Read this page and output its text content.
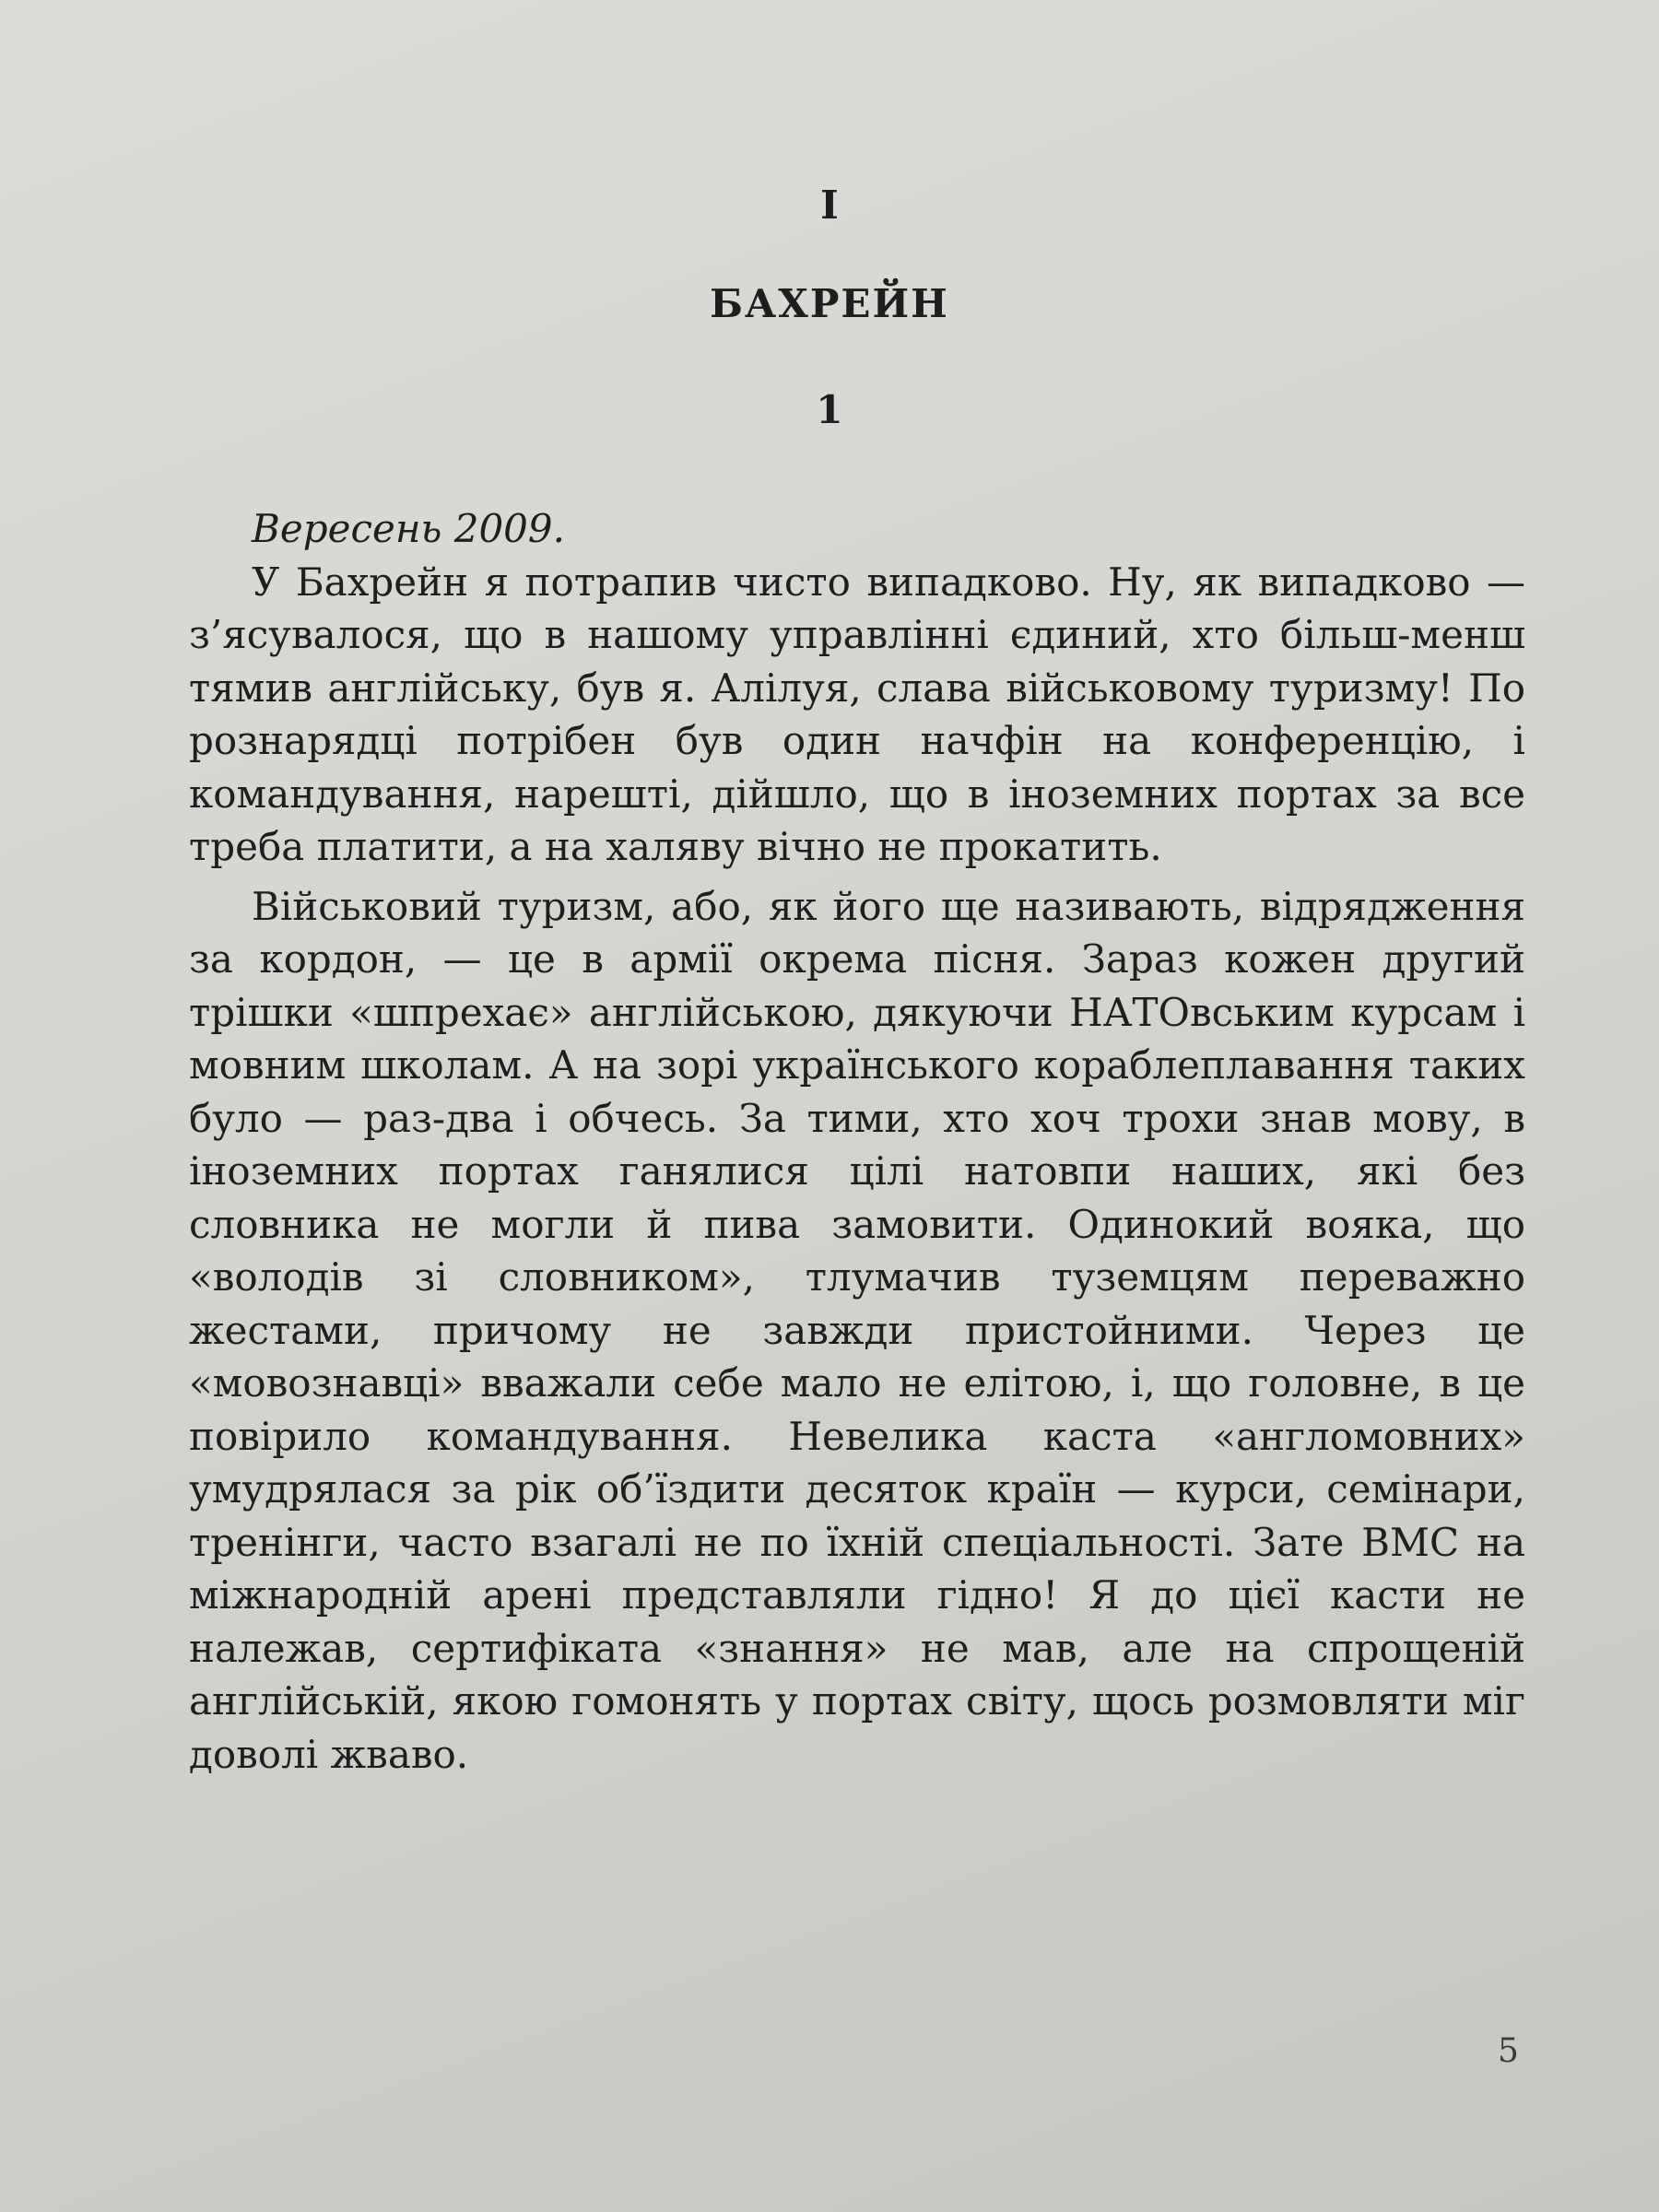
I
БАХРЕЙН
1

Вересень 2009.

У Бахрейн я потрапив чисто випадково. Ну, як випадково — з’ясувалося, що в нашому управлінні єдиний, хто більш-менш тямив англійську, був я. Алілуя, слава військовому туризму! По рознарядці потрібен був один начфін на конференцію, і командування, нарешті, дійшло, що в іноземних портах за все треба платити, а на халяву вічно не прокатить.

Військовий туризм, або, як його ще називають, відрядження за кордон, — це в армії окрема пісня. Зараз кожен другий трішки «шпрехає» англійською, дякуючи НАТОвським курсам і мовним школам. А на зорі українського кораблеплавання таких було — раз-два і обчесь. За тими, хто хоч трохи знав мову, в іноземних портах ганялися цілі натовпи наших, які без словника не могли й пива замовити. Одинокий вояка, що «володів зі словником», тлумачив туземцям переважно жестами, причому не завжди пристойними. Через це «мовознавці» вважали себе мало не елітою, і, що головне, в це повірило командування. Невелика каста «англомовних» умудрялася за рік об’їздити десяток країн — курси, семінари, тренінги, часто взагалі не по їхній спеціальності. Зате ВМС на міжнародній арені представляли гідно! Я до цієї касти не належав, сертифіката «знання» не мав, але на спрощеній англійській, якою гомонять у портах світу, щось розмовляти міг доволі жваво.

5
